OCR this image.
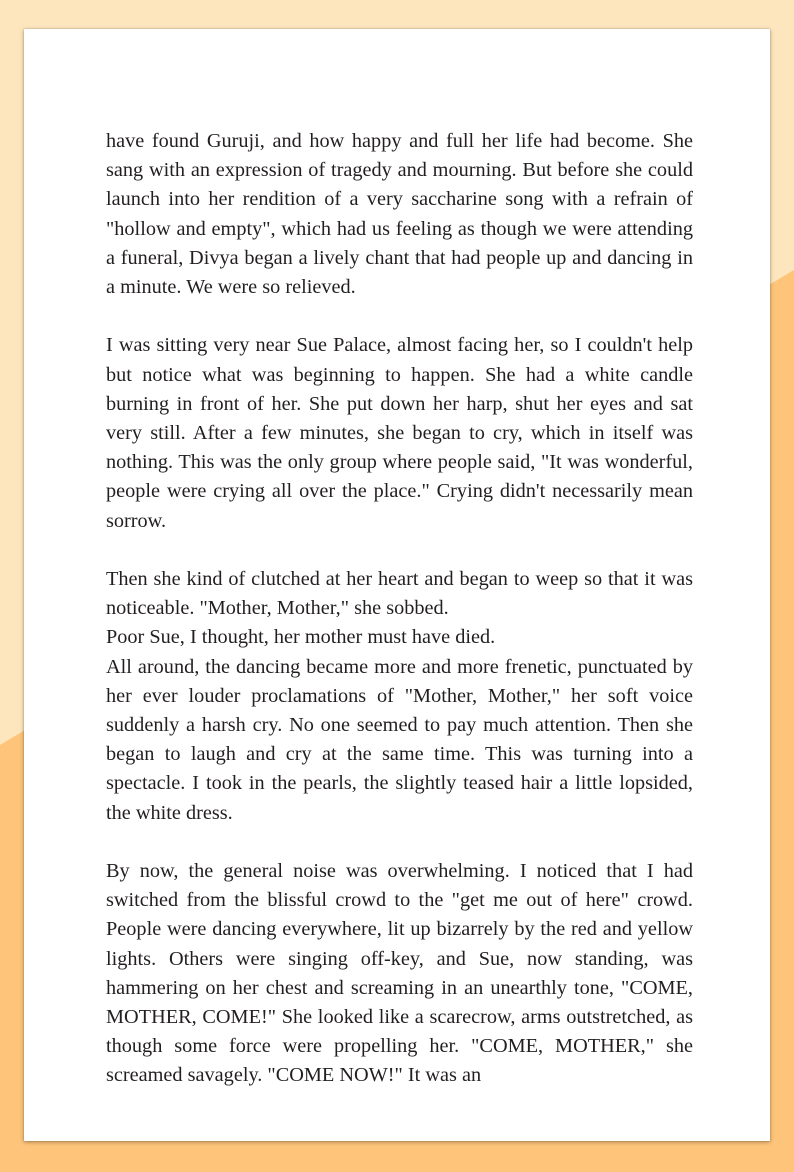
have found Guruji, and how happy and full her life had become. She sang with an expression of tragedy and mourning. But before she could launch into her rendition of a very saccharine song with a refrain of "hollow and empty", which had us feeling as though we were attending a funeral, Divya began a lively chant that had people up and dancing in a minute. We were so relieved.

I was sitting very near Sue Palace, almost facing her, so I couldn't help but notice what was beginning to happen. She had a white candle burning in front of her. She put down her harp, shut her eyes and sat very still. After a few minutes, she began to cry, which in itself was nothing. This was the only group where people said, "It was wonderful, people were crying all over the place." Crying didn't necessarily mean sorrow.

Then she kind of clutched at her heart and began to weep so that it was noticeable. "Mother, Mother," she sobbed.

Poor Sue, I thought, her mother must have died.

All around, the dancing became more and more frenetic, punctuated by her ever louder proclamations of "Mother, Mother," her soft voice suddenly a harsh cry. No one seemed to pay much attention. Then she began to laugh and cry at the same time. This was turning into a spectacle. I took in the pearls, the slightly teased hair a little lopsided, the white dress.

By now, the general noise was overwhelming. I noticed that I had switched from the blissful crowd to the "get me out of here" crowd. People were dancing everywhere, lit up bizarrely by the red and yellow lights. Others were singing off-key, and Sue, now standing, was hammering on her chest and screaming in an unearthly tone, "COME, MOTHER, COME!" She looked like a scarecrow, arms outstretched, as though some force were propelling her. "COME, MOTHER," she screamed savagely. "COME NOW!" It was an
